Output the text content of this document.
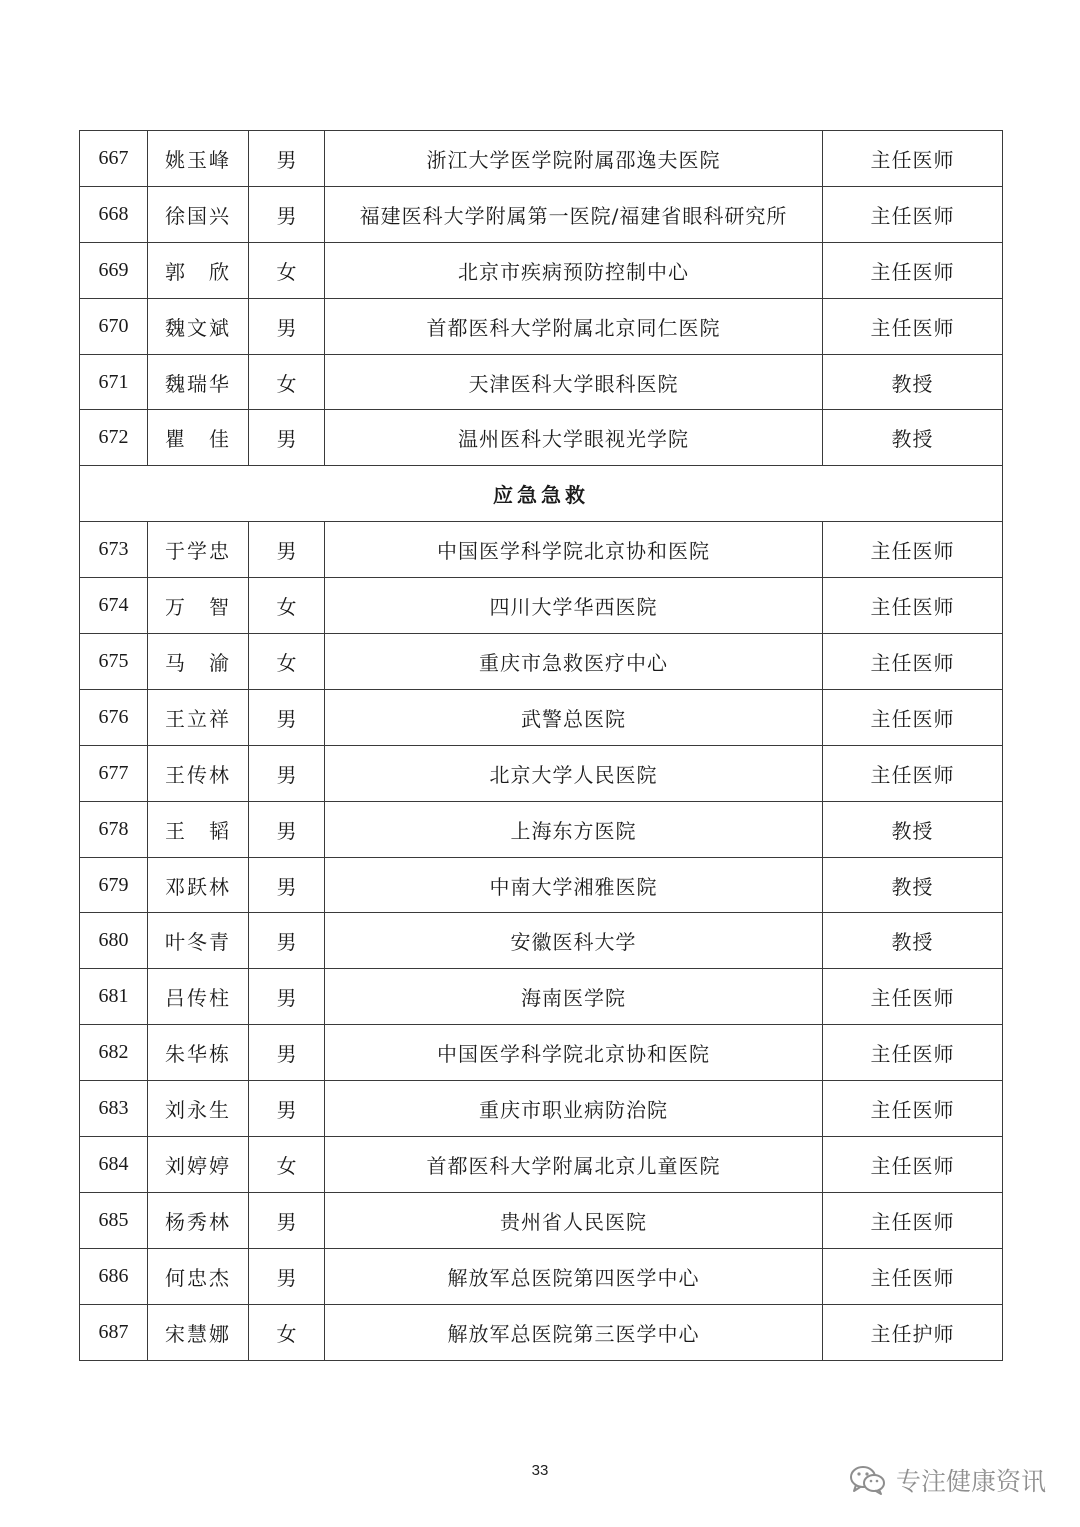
667	姚玉峰	男	浙江大学医学院附属邵逸夫医院	主任医师
668	徐国兴	男	福建医科大学附属第一医院/福建省眼科研究所	主任医师
669	郭　欣	女	北京市疾病预防控制中心	主任医师
670	魏文斌	男	首都医科大学附属北京同仁医院	主任医师
671	魏瑞华	女	天津医科大学眼科医院	教授
672	瞿　佳	男	温州医科大学眼视光学院	教授
应急急救				
673	于学忠	男	中国医学科学院北京协和医院	主任医师
674	万　智	女	四川大学华西医院	主任医师
675	马　渝	女	重庆市急救医疗中心	主任医师
676	王立祥	男	武警总医院	主任医师
677	王传林	男	北京大学人民医院	主任医师
678	王　韬	男	上海东方医院	教授
679	邓跃林	男	中南大学湘雅医院	教授
680	叶冬青	男	安徽医科大学	教授
681	吕传柱	男	海南医学院	主任医师
682	朱华栋	男	中国医学科学院北京协和医院	主任医师
683	刘永生	男	重庆市职业病防治院	主任医师
684	刘婷婷	女	首都医科大学附属北京儿童医院	主任医师
685	杨秀林	男	贵州省人民医院	主任医师
686	何忠杰	男	解放军总医院第四医学中心	主任医师
687	宋慧娜	女	解放军总医院第三医学中心	主任护师
33	专注健康资讯
